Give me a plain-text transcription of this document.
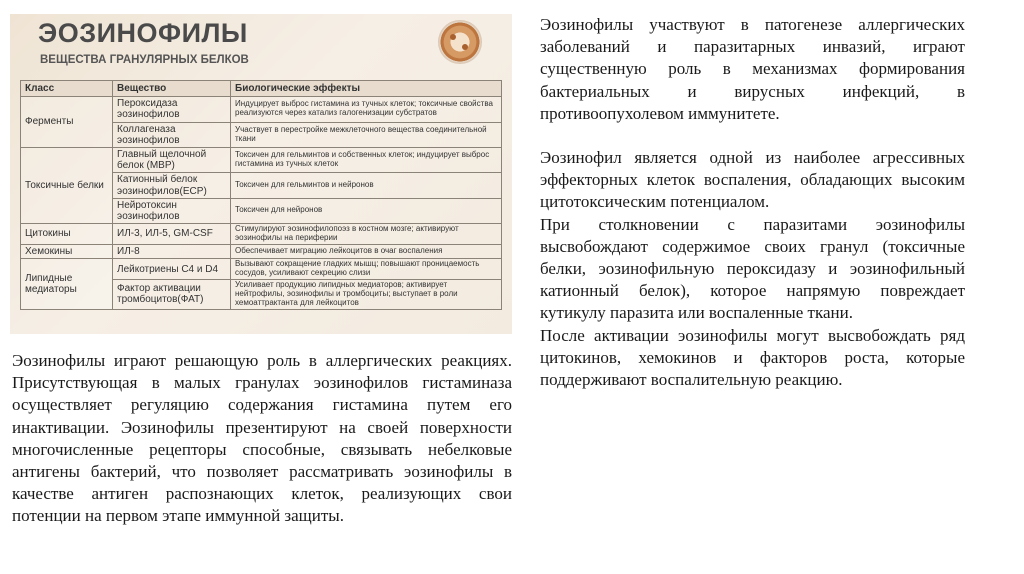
ЭОЗИНОФИЛЫ
ВЕЩЕСТВА ГРАНУЛЯРНЫХ БЕЛКОВ
Класс	Вещество	Биологические эффекты
Ферменты	Пероксидаза эозинофилов	Индуцирует выброс гистамина из тучных клеток; токсичные свойства реализуются через катализ галогенизации субстратов
	Коллагеназа эозинофилов	Участвует в перестройке межклеточного вещества соединительной ткани
Токсичные белки	Главный щелочной белок (MBP)	Токсичен для гельминтов и собственных клеток; индуцирует выброс гистамина из тучных клеток
	Катионный белок эозинофилов(ECP)	Токсичен для гельминтов и нейронов
	Нейротоксин эозинофилов	Токсичен для нейронов
Цитокины	ИЛ-3, ИЛ-5, GM-CSF	Стимулируют эозинофилопоэз в костном мозге; активируют эозинофилы на периферии
Хемокины	ИЛ-8	Обеспечивает миграцию лейкоцитов в очаг воспаления
Липидные медиаторы	Лейкотриены С4 и D4	Вызывают сокращение гладких мышц; повышают проницаемость сосудов, усиливают секрецию слизи
	Фактор активации тромбоцитов(ФАТ)	Усиливает продукцию липидных медиаторов; активирует нейтрофилы, эозинофилы и тромбоциты; выступает в роли хемоаттрактанта для лейкоцитов

Эозинофилы играют решающую роль в аллергических реакциях. Присутствующая в малых гранулах эозинофилов гистаминаза осуществляет регуляцию содержания гистамина путем его инактивации. Эозинофилы презентируют на своей поверхности многочисленные рецепторы способные, связывать небелковые антигены бактерий, что позволяет рассматривать эозинофилы в качестве антиген распознающих клеток, реализующих свои потенции на первом этапе иммунной защиты.

Эозинофилы участвуют в патогенезе аллергических заболеваний и паразитарных инвазий, играют существенную роль в механизмах формирования бактериальных и вирусных инфекций, в противоопухолевом иммунитете.

Эозинофил является одной из наиболее агрессивных эффекторных клеток воспаления, обладающих высоким цитотоксическим потенциалом.

При столкновении с паразитами эозинофилы высвобождают содержимое своих гранул (токсичные белки, эозинофильную пероксидазу и эозинофильный катионный белок), которое напрямую повреждает кутикулу паразита или воспаленные ткани.

После активации эозинофилы могут высвобождать ряд цитокинов, хемокинов и факторов роста, которые поддерживают воспалительную реакцию.
